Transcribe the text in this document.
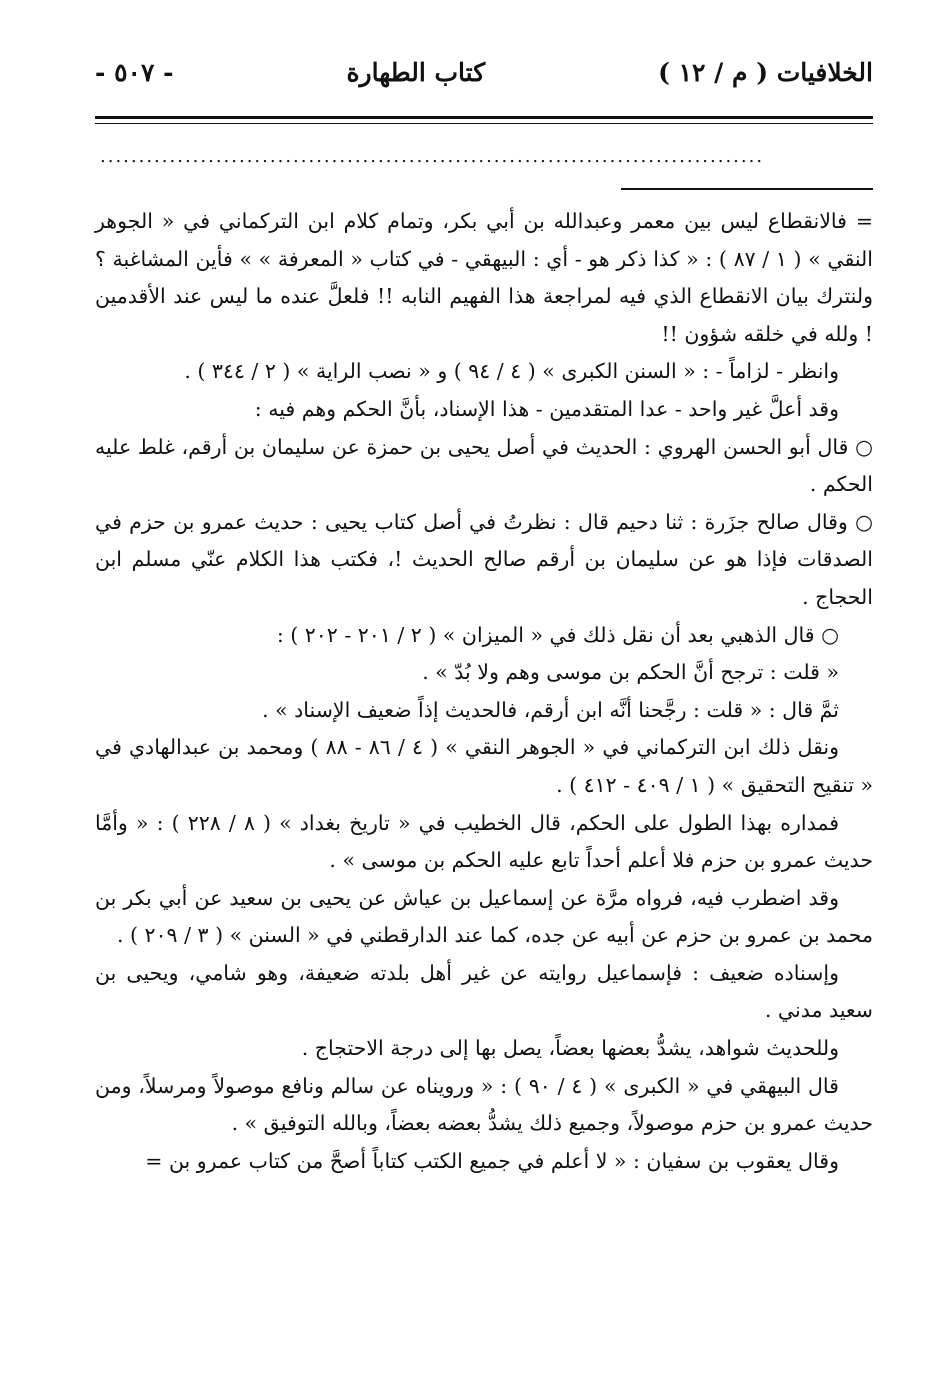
الخلافيات ( م / ١٢ )
كتاب الطهارة
- ٥٠٧ -
......................................................................................

= فالانقطاع ليس بين معمر وعبدالله بن أبي بكر، وتمام كلام ابن التركماني في « الجوهر النقي » ( ١ / ٨٧ ) : « كذا ذكر هو - أي : البيهقي - في كتاب « المعرفة » » فأين المشاغبة ؟ ولنترك بيان الانقطاع الذي فيه لمراجعة هذا الفهيم النابه !! فلعلَّ عنده ما ليس عند الأقدمين ! ولله في خلقه شؤون !!

وانظر - لزاماً - : « السنن الكبرى » ( ٤ / ٩٤ ) و « نصب الراية » ( ٢ / ٣٤٤ ) .

وقد أعلَّ غير واحد - عدا المتقدمين - هذا الإسناد، بأنَّ الحكم وهم فيه :

○ قال أبو الحسن الهروي : الحديث في أصل يحيى بن حمزة عن سليمان بن أرقم، غلط عليه الحكم .

○ وقال صالح جزَرة : ثنا دحيم قال : نظرتُ في أصل كتاب يحيى : حديث عمرو بن حزم في الصدقات فإذا هو عن سليمان بن أرقم صالح الحديث !، فكتب هذا الكلام عنّي مسلم ابن الحجاج .

○ قال الذهبي بعد أن نقل ذلك في « الميزان » ( ٢ / ٢٠١ - ٢٠٢ ) :

« قلت : ترجح أنَّ الحكم بن موسى وهم ولا بُدّ » .

ثمَّ قال : « قلت : رجَّحنا أنَّه ابن أرقم، فالحديث إذاً ضعيف الإسناد » .

ونقل ذلك ابن التركماني في « الجوهر النقي » ( ٤ / ٨٦ - ٨٨ ) ومحمد بن عبدالهادي في « تنقيح التحقيق » ( ١ / ٤٠٩ - ٤١٢ ) .

فمداره بهذا الطول على الحكم، قال الخطيب في « تاريخ بغداد » ( ٨ / ٢٢٨ ) : « وأمَّا حديث عمرو بن حزم فلا أعلم أحداً تابع عليه الحكم بن موسى » .

وقد اضطرب فيه، فرواه مرَّة عن إسماعيل بن عياش عن يحيى بن سعيد عن أبي بكر بن محمد بن عمرو بن حزم عن أبيه عن جده، كما عند الدارقطني في « السنن » ( ٣ / ٢٠٩ ) .

وإسناده ضعيف : فإسماعيل روايته عن غير أهل بلدته ضعيفة، وهو شامي، ويحيى بن سعيد مدني .

وللحديث شواهد، يشدُّ بعضها بعضاً، يصل بها إلى درجة الاحتجاج .

قال البيهقي في « الكبرى » ( ٤ / ٩٠ ) : « ورويناه عن سالم ونافع موصولاً ومرسلاً، ومن حديث عمرو بن حزم موصولاً، وجميع ذلك يشدُّ بعضه بعضاً، وبالله التوفيق » .

وقال يعقوب بن سفيان : « لا أعلم في جميع الكتب كتاباً أصحَّ من كتاب عمرو بن =
